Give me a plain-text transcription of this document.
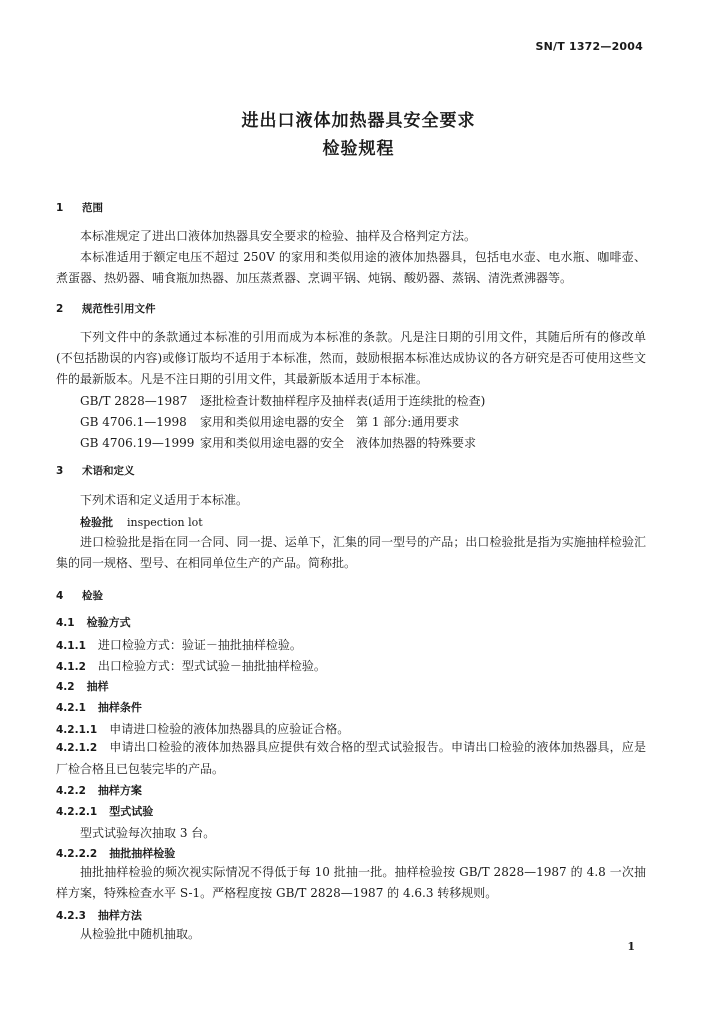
SN/T 1372—2004
进出口液体加热器具安全要求
检验规程
1 范围

本标准规定了进出口液体加热器具安全要求的检验、抽样及合格判定方法。

本标准适用于额定电压不超过 250V 的家用和类似用途的液体加热器具，包括电水壶、电水瓶、咖啡壶、煮蛋器、热奶器、哺食瓶加热器、加压蒸煮器、烹调平锅、炖锅、酸奶器、蒸锅、清洗煮沸器等。

2 规范性引用文件

下列文件中的条款通过本标准的引用而成为本标准的条款。凡是注日期的引用文件，其随后所有的修改单(不包括勘误的内容)或修订版均不适用于本标准，然而，鼓励根据本标准达成协议的各方研究是否可使用这些文件的最新版本。凡是不注日期的引用文件，其最新版本适用于本标准。

GB/T 2828—1987 逐批检查计数抽样程序及抽样表(适用于连续批的检查)
GB 4706.1—1998 家用和类似用途电器的安全　第 1 部分:通用要求
GB 4706.19—1999 家用和类似用途电器的安全　液体加热器的特殊要求
3 术语和定义
下列术语和定义适用于本标准。
检验批 inspection lot

进口检验批是指在同一合同、同一提、运单下，汇集的同一型号的产品；出口检验批是指为实施抽样检验汇集的同一规格、型号、在相同单位生产的产品。简称批。

4 检验
4.1 检验方式
4.1.1 进口检验方式：验证－抽批抽样检验。
4.1.2 出口检验方式：型式试验－抽批抽样检验。
4.2 抽样
4.2.1 抽样条件
4.2.1.1 申请进口检验的液体加热器具的应验证合格。

4.2.1.2 申请出口检验的液体加热器具应提供有效合格的型式试验报告。申请出口检验的液体加热器具，应是厂检合格且已包装完毕的产品。

4.2.2 抽样方案
4.2.2.1 型式试验
型式试验每次抽取 3 台。
4.2.2.2 抽批抽样检验

抽批抽样检验的频次视实际情况不得低于每 10 批抽一批。抽样检验按 GB/T 2828—1987 的 4.8 一次抽样方案，特殊检查水平 S-1。严格程度按 GB/T 2828—1987 的 4.6.3 转移规则。

4.2.3 抽样方法
从检验批中随机抽取。
1
